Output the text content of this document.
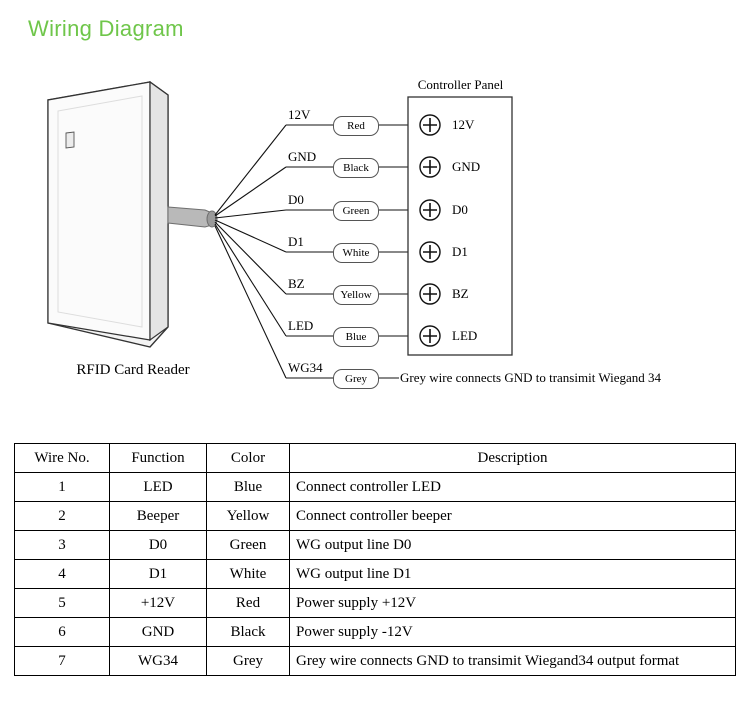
Wiring Diagram
Controller Panel
RFID Card Reader
12V
GND
D0
D1
BZ
LED
WG34
Red
Black
Green
White
Yellow
Blue
Grey
12V
GND
D0
D1
BZ
LED
Grey wire connects GND to transimit Wiegand 34
Wire No.	Function	Color	Description
1	LED	Blue	Connect controller LED
2	Beeper	Yellow	Connect controller beeper
3	D0	Green	WG output line D0
4	D1	White	WG output line D1
5	+12V	Red	Power supply +12V
6	GND	Black	Power supply -12V
7	WG34	Grey	Grey wire connects GND to transimit Wiegand34 output format
